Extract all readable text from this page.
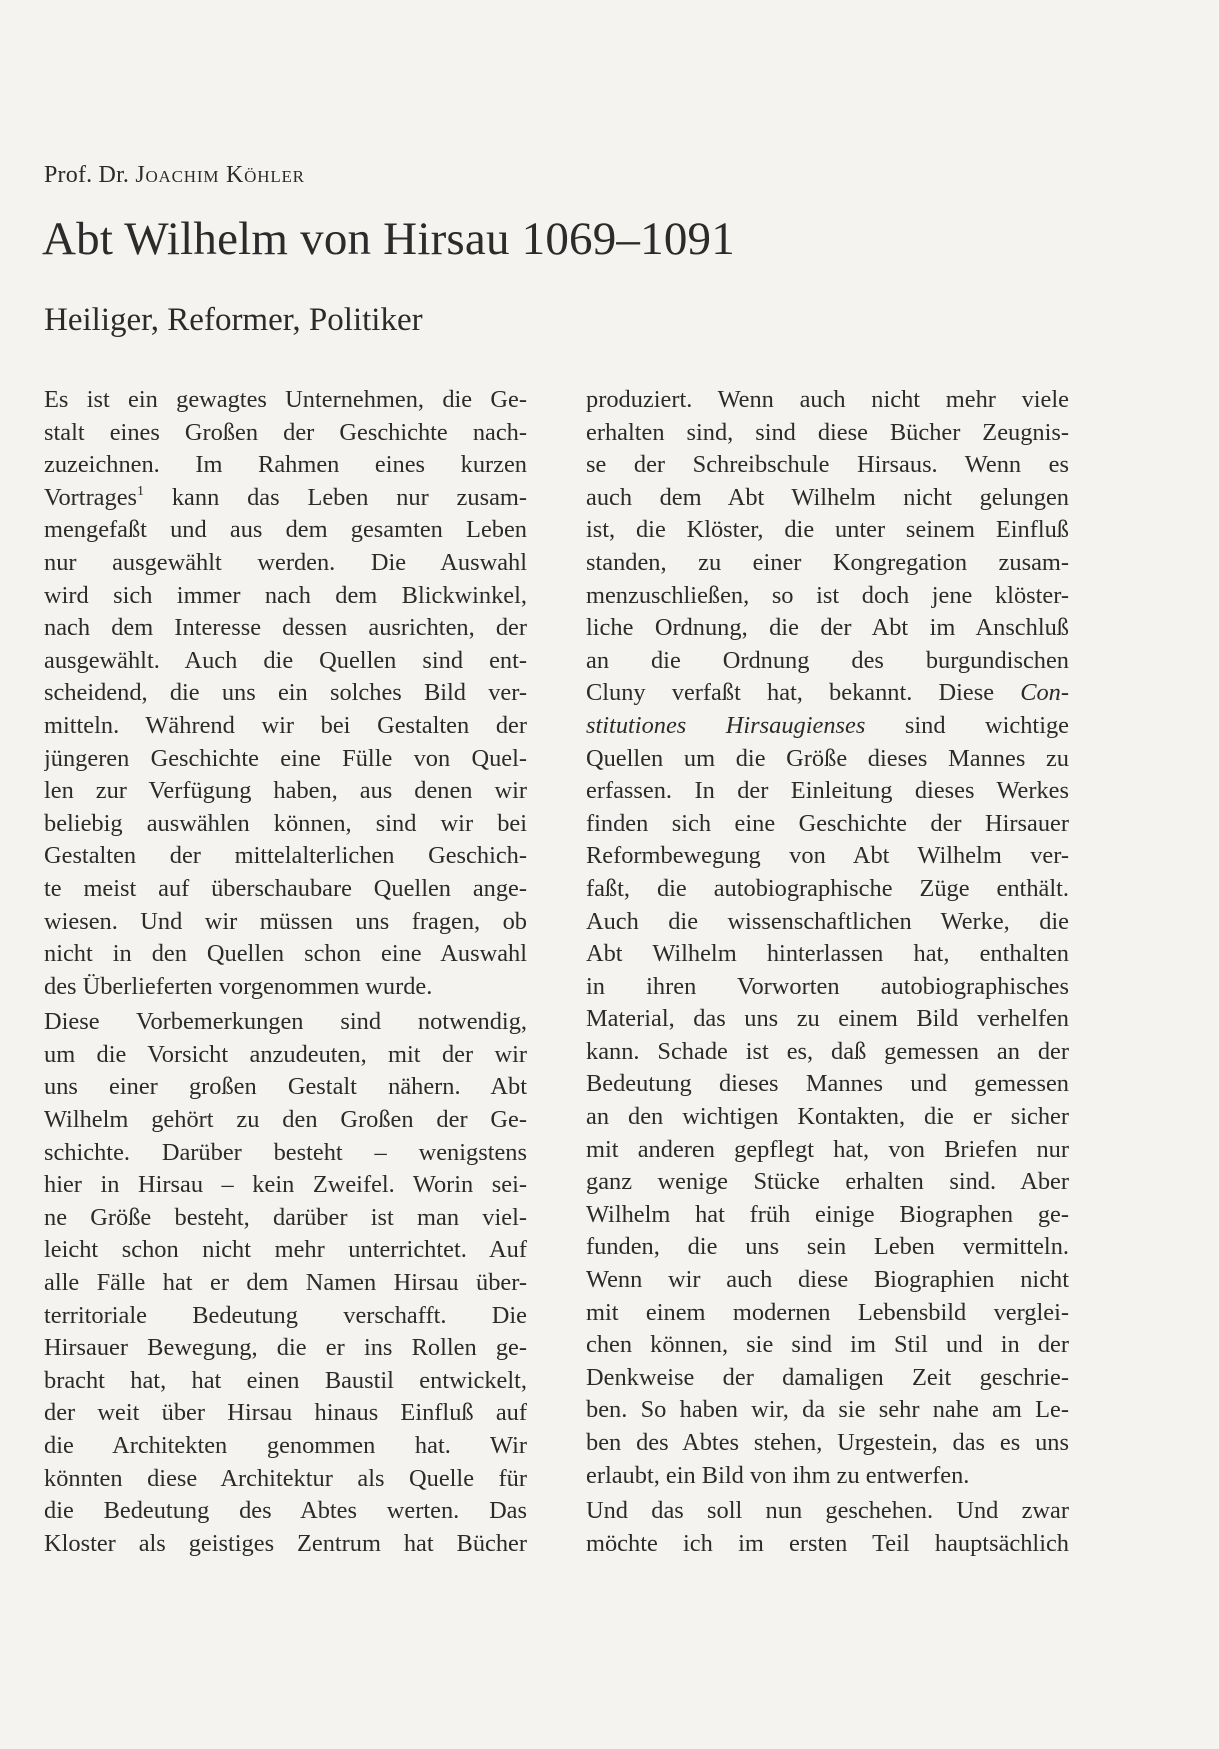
Prof. Dr. Joachim Köhler
Abt Wilhelm von Hirsau 1069–1091
Heiliger, Reformer, Politiker
Es ist ein gewagtes Unternehmen, die Ge-
stalt eines Großen der Geschichte nach-
zuzeichnen. Im Rahmen eines kurzen
Vortrages$^1$ kann das Leben nur zusam-
mengefaßt und aus dem gesamten Leben
nur ausgewählt werden. Die Auswahl
wird sich immer nach dem Blickwinkel,
nach dem Interesse dessen ausrichten, der
ausgewählt. Auch die Quellen sind ent-
scheidend, die uns ein solches Bild ver-
mitteln. Während wir bei Gestalten der
jüngeren Geschichte eine Fülle von Quel-
len zur Verfügung haben, aus denen wir
beliebig auswählen können, sind wir bei
Gestalten der mittelalterlichen Geschich-
te meist auf überschaubare Quellen ange-
wiesen. Und wir müssen uns fragen, ob
nicht in den Quellen schon eine Auswahl
des Überlieferten vorgenommen wurde.
Diese Vorbemerkungen sind notwendig,
um die Vorsicht anzudeuten, mit der wir
uns einer großen Gestalt nähern. Abt
Wilhelm gehört zu den Großen der Ge-
schichte. Darüber besteht – wenigstens
hier in Hirsau – kein Zweifel. Worin sei-
ne Größe besteht, darüber ist man viel-
leicht schon nicht mehr unterrichtet. Auf
alle Fälle hat er dem Namen Hirsau über-
territoriale Bedeutung verschafft. Die
Hirsauer Bewegung, die er ins Rollen ge-
bracht hat, hat einen Baustil entwickelt,
der weit über Hirsau hinaus Einfluß auf
die Architekten genommen hat. Wir
könnten diese Architektur als Quelle für
die Bedeutung des Abtes werten. Das
Kloster als geistiges Zentrum hat Bücher
produziert. Wenn auch nicht mehr viele
erhalten sind, sind diese Bücher Zeugnis-
se der Schreibschule Hirsaus. Wenn es
auch dem Abt Wilhelm nicht gelungen
ist, die Klöster, die unter seinem Einfluß
standen, zu einer Kongregation zusam-
menzuschließen, so ist doch jene klöster-
liche Ordnung, die der Abt im Anschluß
an die Ordnung des burgundischen
Cluny verfaßt hat, bekannt. Diese Con-
stitutiones Hirsaugienses sind wichtige
Quellen um die Größe dieses Mannes zu
erfassen. In der Einleitung dieses Werkes
finden sich eine Geschichte der Hirsauer
Reformbewegung von Abt Wilhelm ver-
faßt, die autobiographische Züge enthält.
Auch die wissenschaftlichen Werke, die
Abt Wilhelm hinterlassen hat, enthalten
in ihren Vorworten autobiographisches
Material, das uns zu einem Bild verhelfen
kann. Schade ist es, daß gemessen an der
Bedeutung dieses Mannes und gemessen
an den wichtigen Kontakten, die er sicher
mit anderen gepflegt hat, von Briefen nur
ganz wenige Stücke erhalten sind. Aber
Wilhelm hat früh einige Biographen ge-
funden, die uns sein Leben vermitteln.
Wenn wir auch diese Biographien nicht
mit einem modernen Lebensbild verglei-
chen können, sie sind im Stil und in der
Denkweise der damaligen Zeit geschrie-
ben. So haben wir, da sie sehr nahe am Le-
ben des Abtes stehen, Urgestein, das es uns
erlaubt, ein Bild von ihm zu entwerfen.
Und das soll nun geschehen. Und zwar
möchte ich im ersten Teil hauptsächlich
